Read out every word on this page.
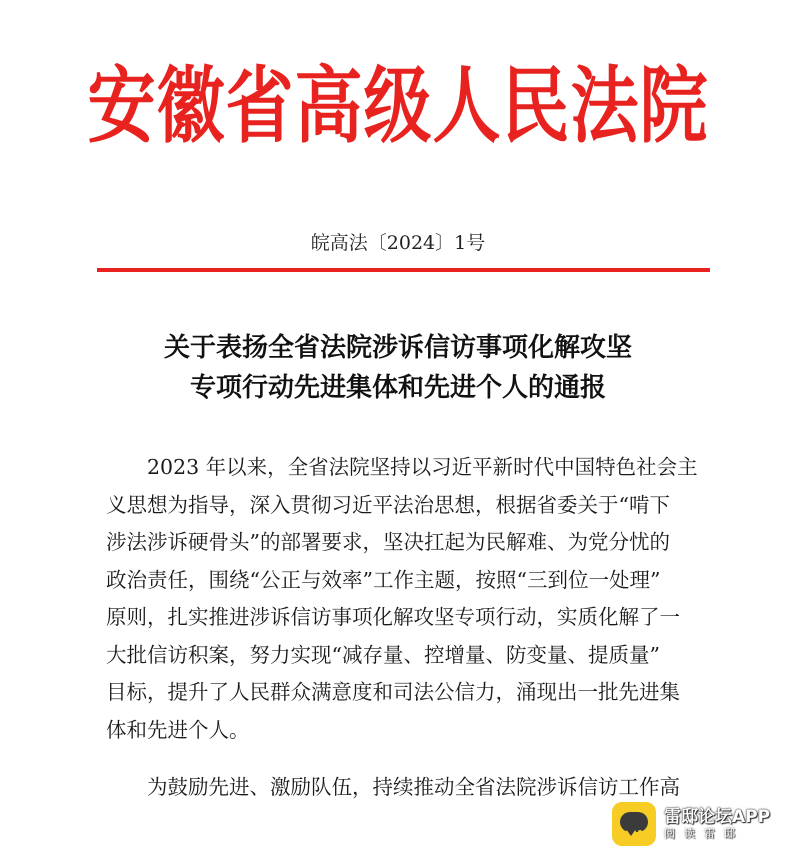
安徽省高级人民法院
皖高法〔2024〕1号
关于表扬全省法院涉诉信访事项化解攻坚
专项行动先进集体和先进个人的通报
2023 年以来，全省法院坚持以习近平新时代中国特色社会主
义思想为指导，深入贯彻习近平法治思想，根据省委关于“啃下
涉法涉诉硬骨头”的部署要求，坚决扛起为民解难、为党分忧的
政治责任，围绕“公正与效率”工作主题，按照“三到位一处理”
原则，扎实推进涉诉信访事项化解攻坚专项行动，实质化解了一
大批信访积案，努力实现“减存量、控增量、防变量、提质量”
目标，提升了人民群众满意度和司法公信力，涌现出一批先进集
体和先进个人。
为鼓励先进、激励队伍，持续推动全省法院涉诉信访工作高
雷邸论坛APP
阅读雷邸
